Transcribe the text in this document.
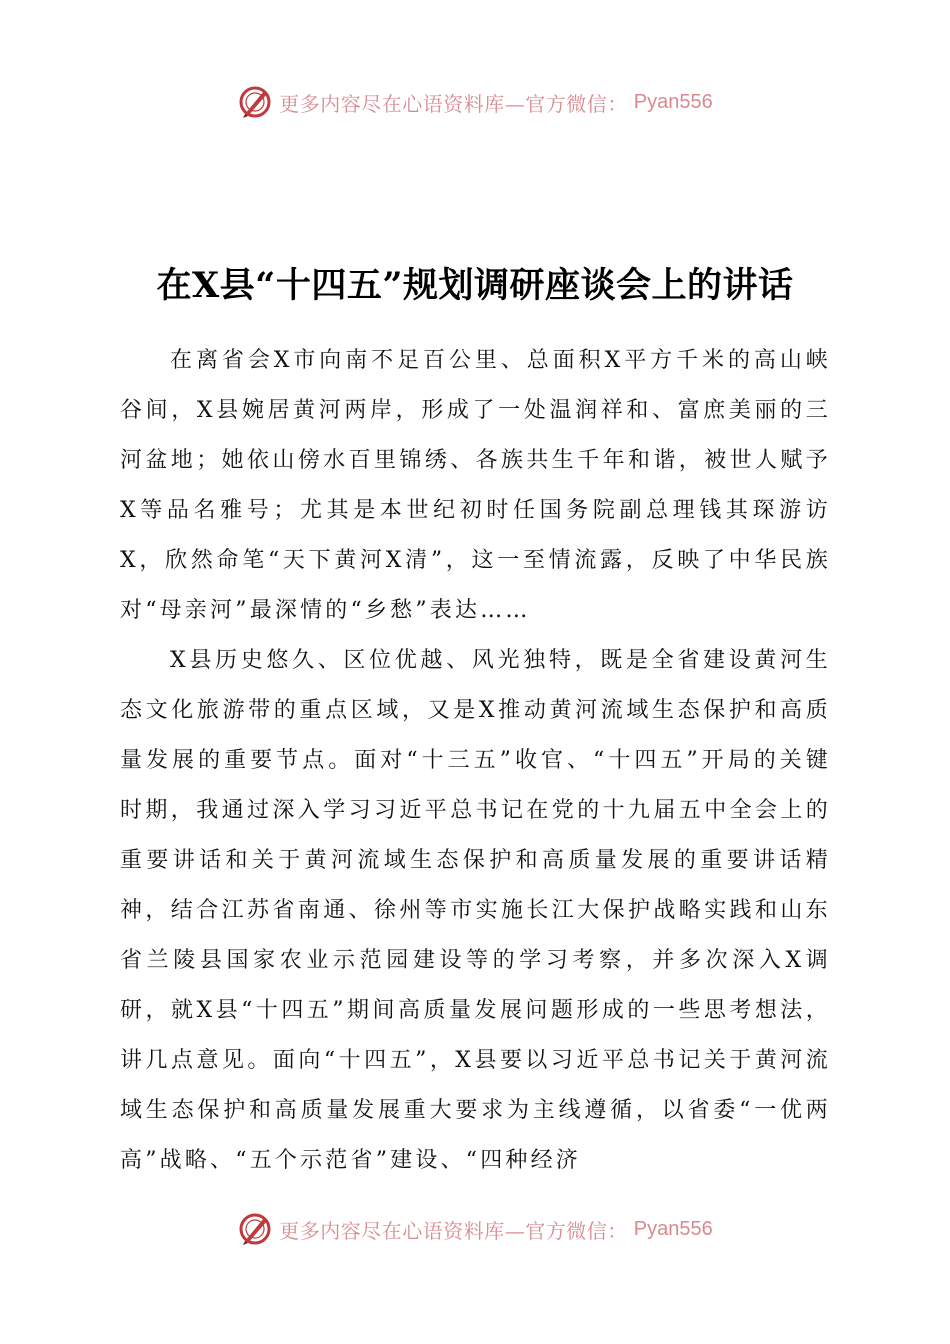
更多内容尽在心语资料库—官方微信： Pyan556
在X县“十四五”规划调研座谈会上的讲话

在离省会X市向南不足百公里、总面积X平方千米的高山峡谷间，X县婉居黄河两岸，形成了一处温润祥和、富庶美丽的三河盆地；她依山傍水百里锦绣、各族共生千年和谐，被世人赋予X等品名雅号；尤其是本世纪初时任国务院副总理钱其琛游访X，欣然命笔“天下黄河X清”，这一至情流露，反映了中华民族对“母亲河”最深情的“乡愁”表达……

X县历史悠久、区位优越、风光独特，既是全省建设黄河生态文化旅游带的重点区域，又是X推动黄河流域生态保护和高质量发展的重要节点。面对“十三五”收官、“十四五”开局的关键时期，我通过深入学习习近平总书记在党的十九届五中全会上的重要讲话和关于黄河流域生态保护和高质量发展的重要讲话精神，结合江苏省南通、徐州等市实施长江大保护战略实践和山东省兰陵县国家农业示范园建设等的学习考察，并多次深入X调研，就X县“十四五”期间高质量发展问题形成的一些思考想法，讲几点意见。面向“十四五”，X县要以习近平总书记关于黄河流域生态保护和高质量发展重大要求为主线遵循，以省委“一优两高”战略、“五个示范省”建设、“四种经济

更多内容尽在心语资料库—官方微信： Pyan556
